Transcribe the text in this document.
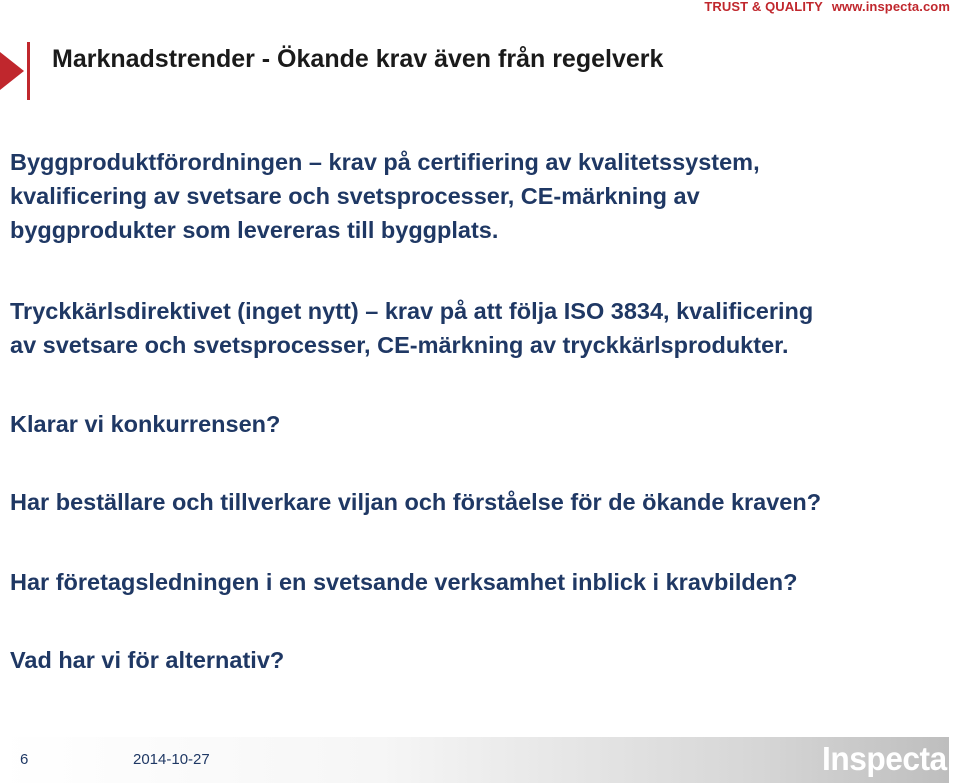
TRUST & QUALITY www.inspecta.com
Marknadstrender - Ökande krav även från regelverk

Byggproduktförordningen – krav på certifiering av kvalitetssystem,
kvalificering av svetsare och svetsprocesser, CE-märkning av
byggprodukter som levereras till byggplats.

Tryckkärlsdirektivet (inget nytt) – krav på att följa ISO 3834, kvalificering
av svetsare och svetsprocesser, CE-märkning av tryckkärlsprodukter.

Klarar vi konkurrensen?

Har beställare och tillverkare viljan och förståelse för de ökande kraven?

Har företagsledningen i en svetsande verksamhet inblick i kravbilden?

Vad har vi för alternativ?

6	2014-10-27	Inspecta
